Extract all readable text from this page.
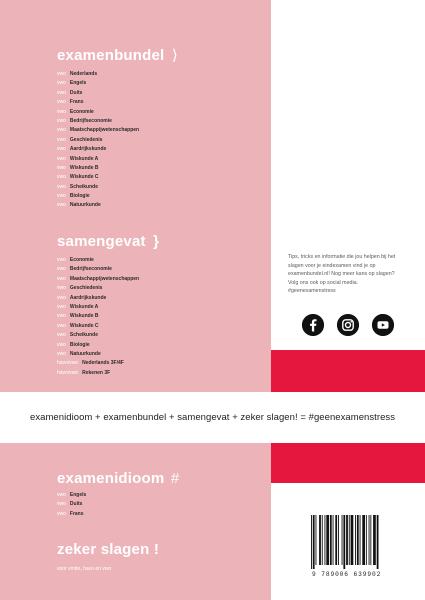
examenbundel ⟩
vwo Nederlands
vwo Engels
vwo Duits
vwo Frans
vwo Economie
vwo Bedrijfseconomie
vwo Maatschappijwetenschappen
vwo Geschiedenis
vwo Aardrijkskunde
vwo Wiskunde A
vwo Wiskunde B
vwo Wiskunde C
vwo Scheikunde
vwo Biologie
vwo Natuurkunde
samengevat }
vwo Economie
vwo Bedrijfseconomie
vwo Maatschappijwetenschappen
vwo Geschiedenis
vwo Aardrijkskunde
vwo Wiskunde A
vwo Wiskunde B
vwo Wiskunde C
vwo Scheikunde
vwo Biologie
vwo Natuurkunde
havo/vwo Nederlands 3F/4F
havo/vwo Rekenen 3F
examenidioom #
vwo Engels
vwo Duits
vwo Frans
zeker slagen !
voor vmbo, havo en vwo
Tips, tricks en informatie die jou helpen bij het slagen voor je eindexamen vind je op examenbundel.nl! Nog meer kans op slagen? Volg ons ook op social media. #geenexamenstress
examenidioom + examenbundel + samengevat + zeker slagen! = #geenexamenstress
9 789006 639902
